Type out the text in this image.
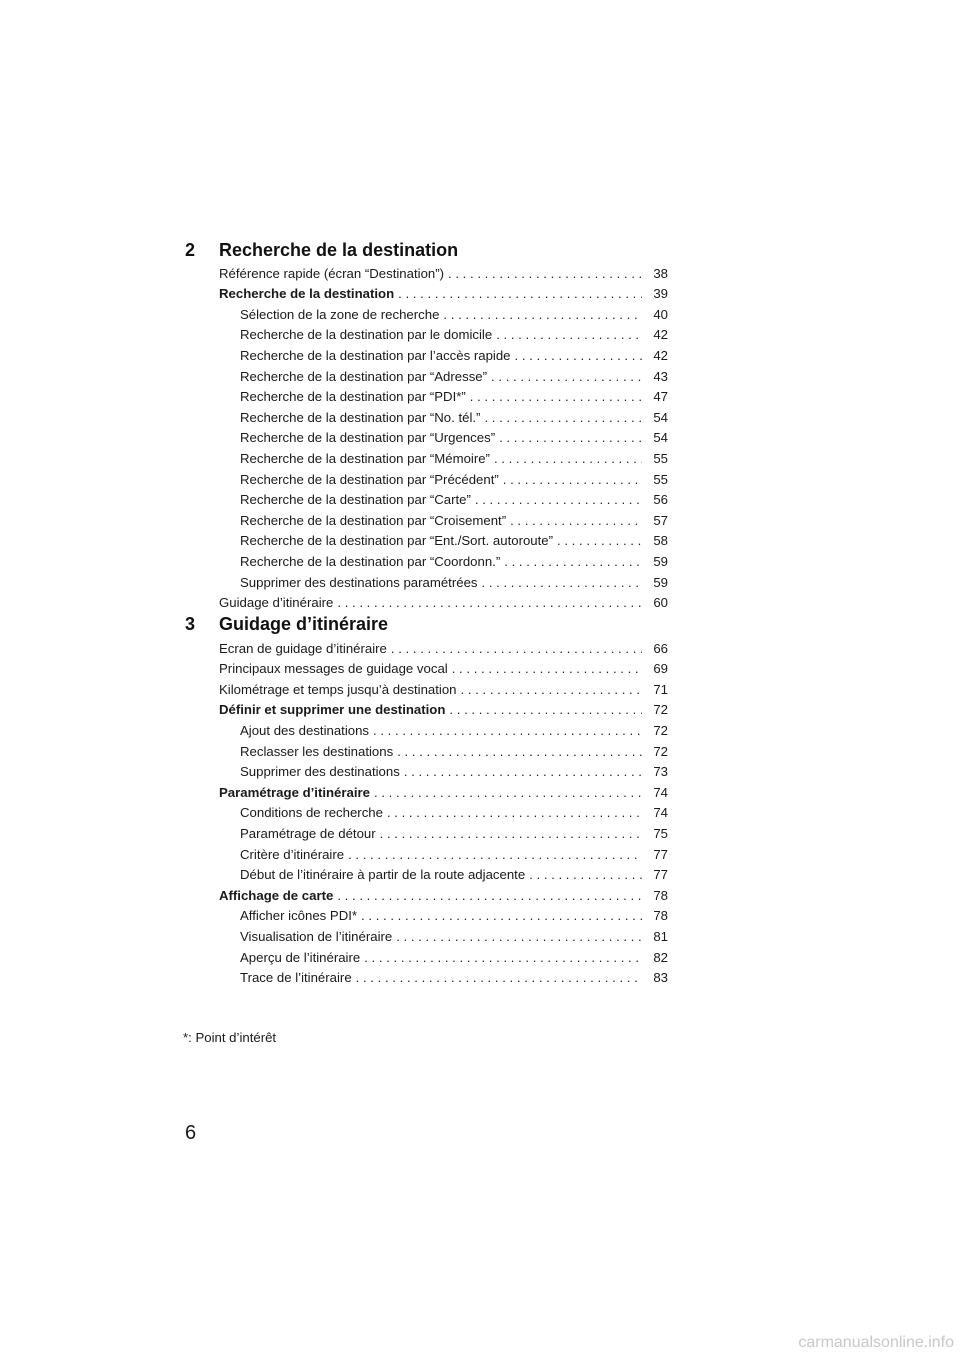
2 Recherche de la destination
Référence rapide (écran “Destination”) . . .	38
Recherche de la destination . . .	39
Sélection de la zone de recherche . . .	40
Recherche de la destination par le domicile . . .	42
Recherche de la destination par l’accès rapide . . .	42
Recherche de la destination par “Adresse” . . .	43
Recherche de la destination par “PDI*” . . .	47
Recherche de la destination par “No. tél.” . . .	54
Recherche de la destination par “Urgences” . . .	54
Recherche de la destination par “Mémoire” . . .	55
Recherche de la destination par “Précédent” . . .	55
Recherche de la destination par “Carte” . . .	56
Recherche de la destination par “Croisement” . . .	57
Recherche de la destination par “Ent./Sort. autoroute” . . .	58
Recherche de la destination par “Coordonn.” . . .	59
Supprimer des destinations paramétrées . . .	59
Guidage d’itinéraire . . .	60
3 Guidage d’itinéraire
Ecran de guidage d’itinéraire . . .	66
Principaux messages de guidage vocal . . .	69
Kilométrage et temps jusqu’à destination . . .	71
Définir et supprimer une destination . . .	72
Ajout des destinations . . .	72
Reclasser les destinations . . .	72
Supprimer des destinations . . .	73
Paramétrage d’itinéraire . . .	74
Conditions de recherche . . .	74
Paramétrage de détour . . .	75
Critère d’itinéraire . . .	77
Début de l’itinéraire à partir de la route adjacente . . .	77
Affichage de carte . . .	78
Afficher icônes PDI* . . .	78
Visualisation de l’itinéraire . . .	81
Aperçu de l’itinéraire . . .	82
Trace de l’itinéraire . . .	83
*: Point d’intérêt
6
carmanualsonline.info
